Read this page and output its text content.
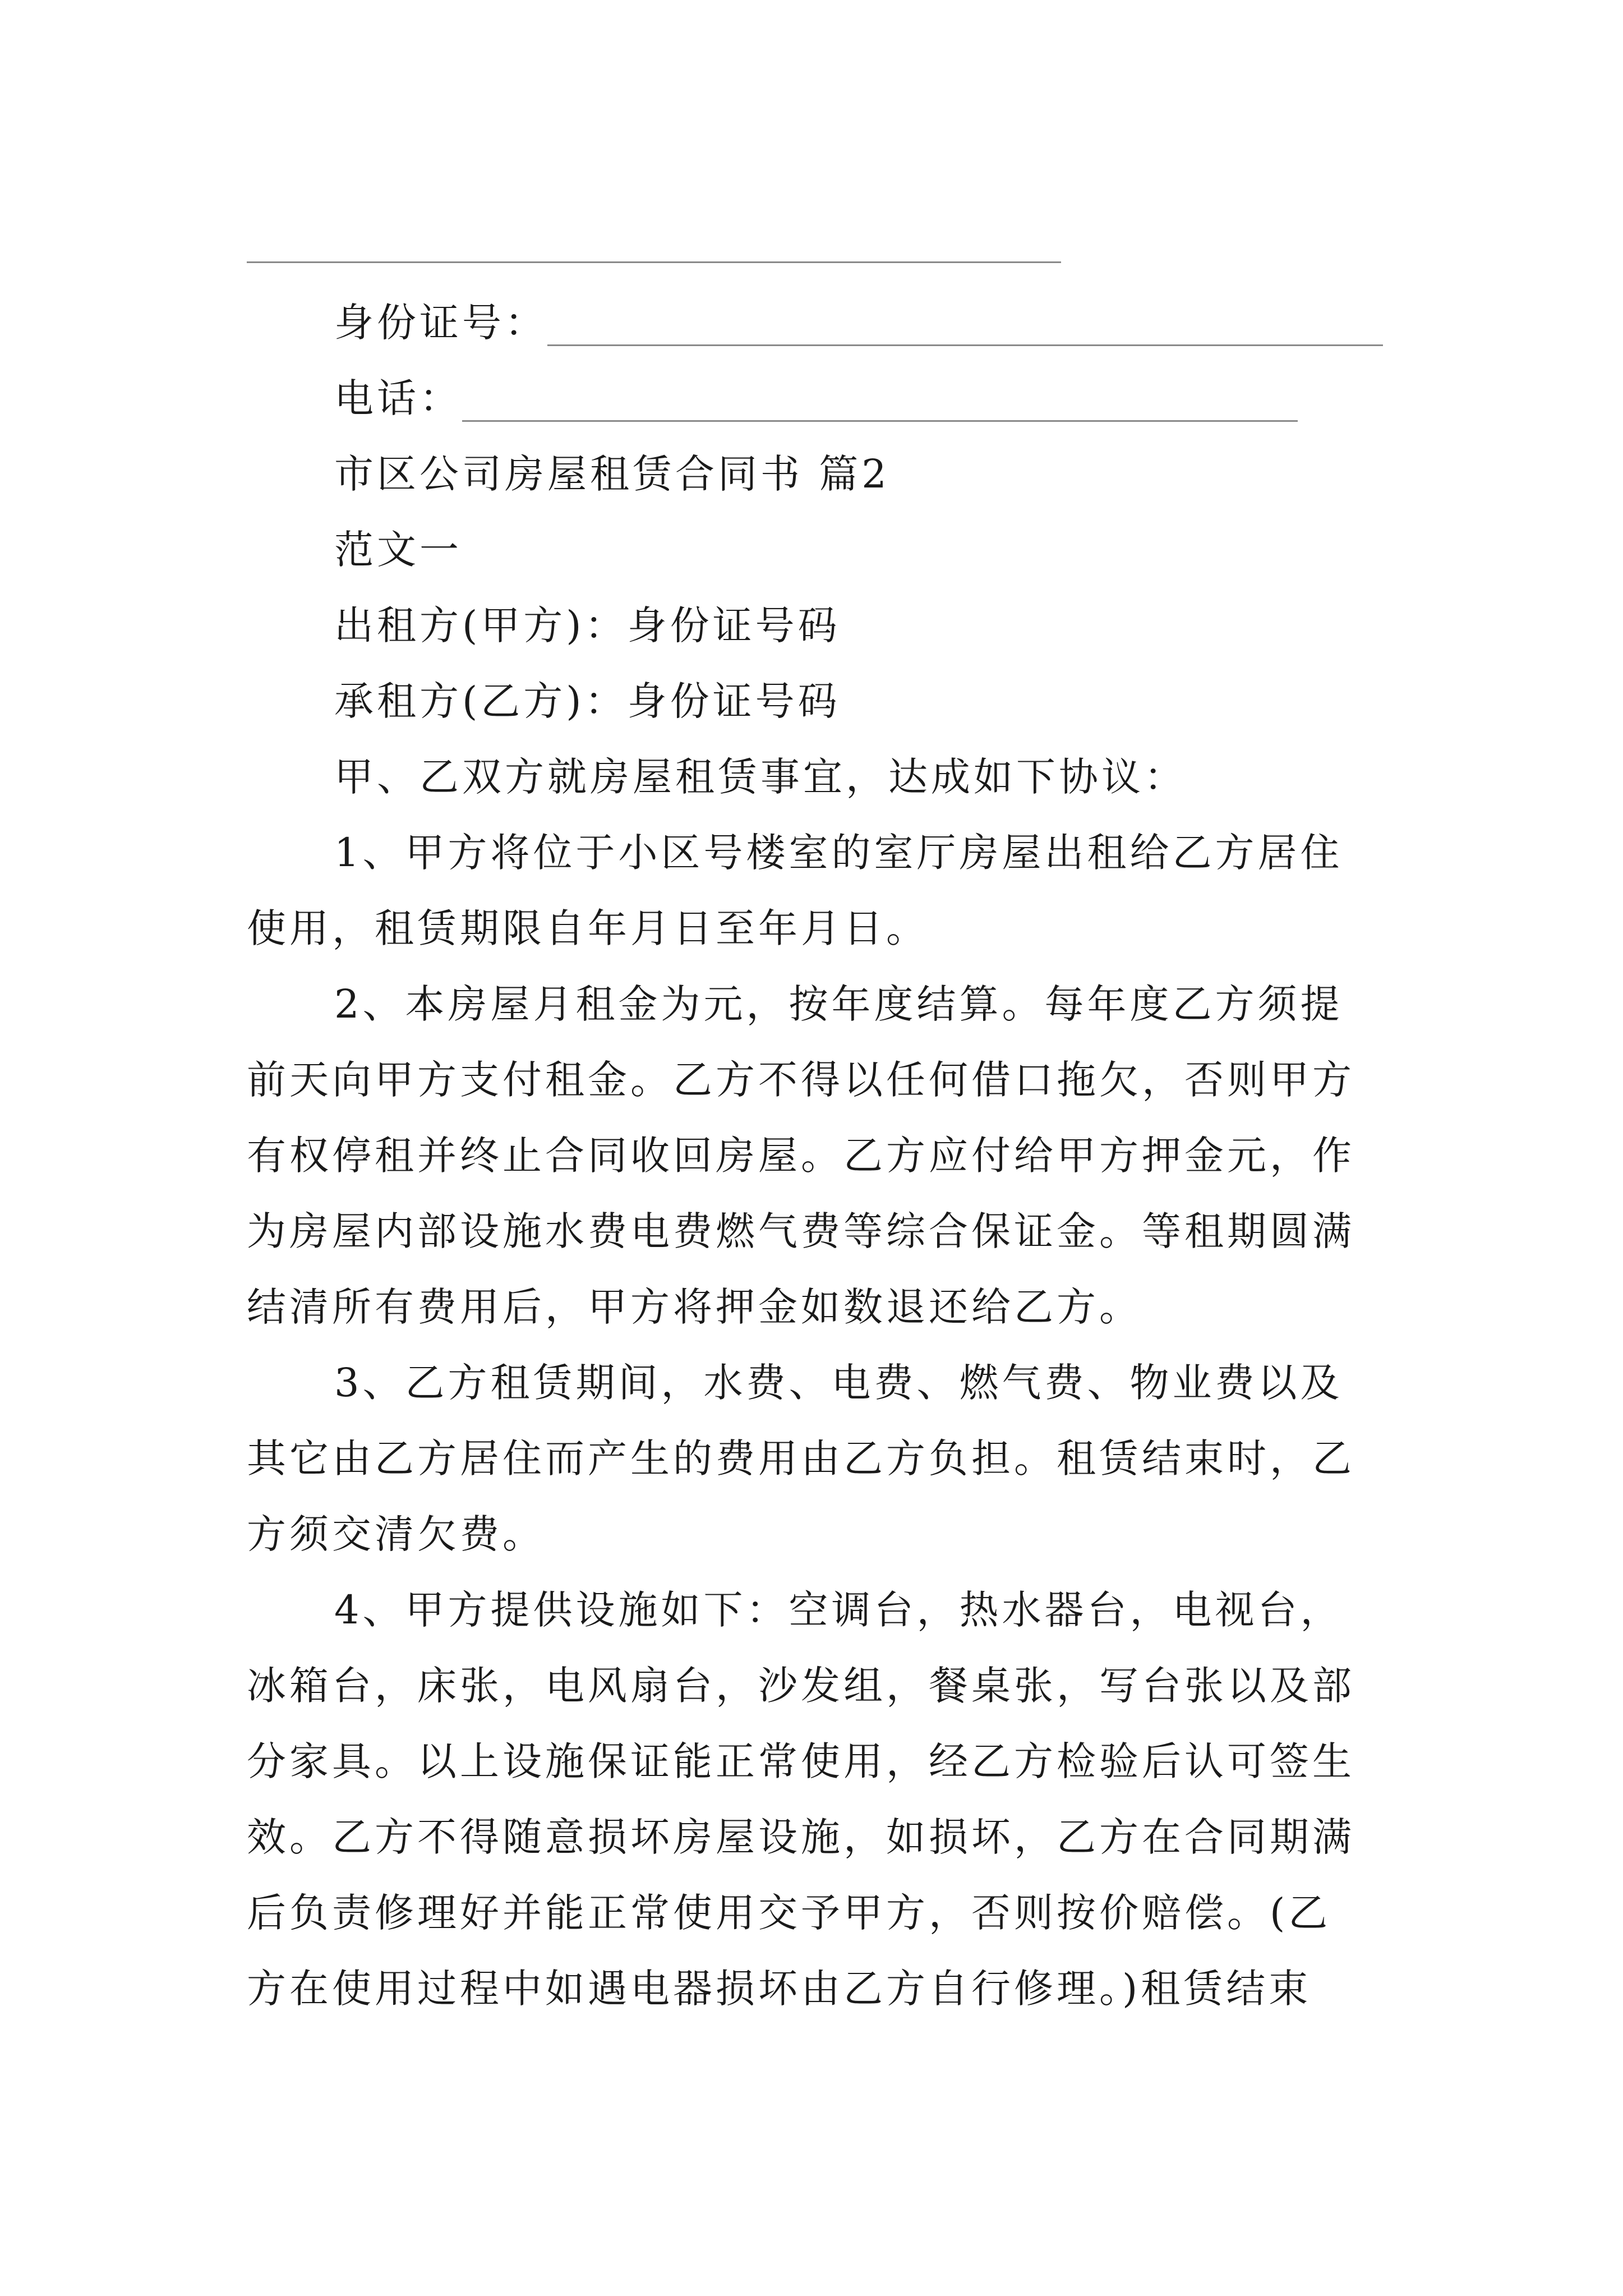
身份证号：
电话：
市区公司房屋租赁合同书 篇2
范文一
出租方(甲方)：身份证号码
承租方(乙方)：身份证号码
甲、乙双方就房屋租赁事宜，达成如下协议：
1、甲方将位于小区号楼室的室厅房屋出租给乙方居住
使用，租赁期限自年月日至年月日。
2、本房屋月租金为元，按年度结算。每年度乙方须提
前天向甲方支付租金。乙方不得以任何借口拖欠，否则甲方
有权停租并终止合同收回房屋。乙方应付给甲方押金元，作
为房屋内部设施水费电费燃气费等综合保证金。等租期圆满
结清所有费用后，甲方将押金如数退还给乙方。
3、乙方租赁期间，水费、电费、燃气费、物业费以及
其它由乙方居住而产生的费用由乙方负担。租赁结束时，乙
方须交清欠费。
4、甲方提供设施如下：空调台，热水器台，电视台，
冰箱台，床张，电风扇台，沙发组，餐桌张，写台张以及部
分家具。以上设施保证能正常使用，经乙方检验后认可签生
效。乙方不得随意损坏房屋设施，如损坏，乙方在合同期满
后负责修理好并能正常使用交予甲方，否则按价赔偿。(乙
方在使用过程中如遇电器损坏由乙方自行修理。)租赁结束
